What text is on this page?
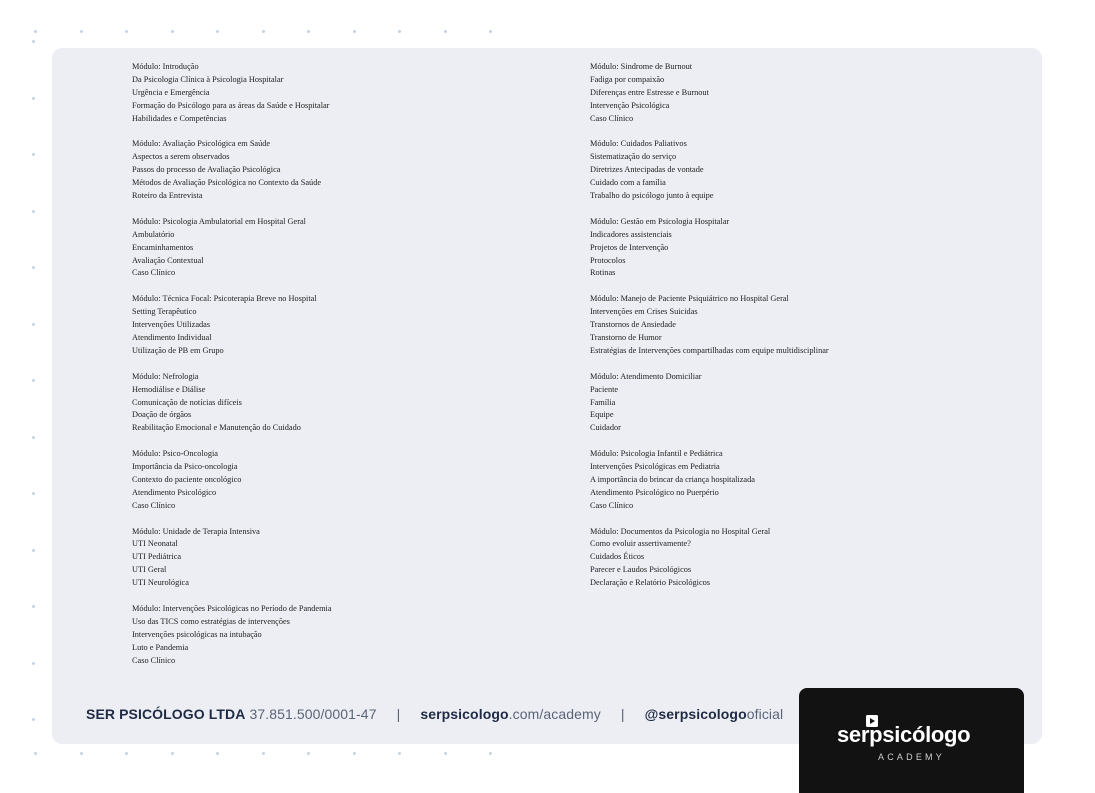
Módulo: Introdução
Da Psicologia Clínica à Psicologia Hospitalar
Urgência e Emergência
Formação do Psicólogo para as áreas da Saúde e Hospitalar
Habilidades e Competências
Módulo: Avaliação Psicológica em Saúde
Aspectos a serem observados
Passos do processo de Avaliação Psicológica
Métodos de Avaliação Psicológica no Contexto da Saúde
Roteiro da Entrevista
Módulo: Psicologia Ambulatorial em Hospital Geral
Ambulatório
Encaminhamentos
Avaliação Contextual
Caso Clínico
Módulo: Técnica Focal: Psicoterapia Breve no Hospital
Setting Terapêutico
Intervenções Utilizadas
Atendimento Individual
Utilização de PB em Grupo
Módulo: Nefrologia
Hemodiálise e Diálise
Comunicação de notícias difíceis
Doação de órgãos
Reabilitação Emocional e Manutenção do Cuidado
Módulo: Psico-Oncologia
Importância da Psico-oncologia
Contexto do paciente oncológico
Atendimento Psicológico
Caso Clínico
Módulo: Unidade de Terapia Intensiva
UTI Neonatal
UTI Pediátrica
UTI Geral
UTI Neurológica
Módulo: Intervenções Psicológicas no Período de Pandemia
Uso das TICS como estratégias de intervenções
Intervenções psicológicas na intubação
Luto e Pandemia
Caso Clínico
Módulo: Sindrome de Burnout
Fadiga por compaixão
Diferenças entre Estresse e Burnout
Intervenção Psicológica
Caso Clínico
Módulo: Cuidados Paliativos
Sistematização do serviço
Diretrizes Antecipadas de vontade
Cuidado com a família
Trabalho do psicólogo junto à equipe
Módulo: Gestão em Psicologia Hospitalar
Indicadores assistenciais
Projetos de Intervenção
Protocolos
Rotinas
Módulo: Manejo de Paciente Psiquiátrico no Hospital Geral
Intervenções em Crises Suicidas
Transtornos de Ansiedade
Transtorno de Humor
Estratégias de Intervenções compartilhadas com equipe multidisciplinar
Módulo: Atendimento Domiciliar
Paciente
Família
Equipe
Cuidador
Módulo: Psicologia Infantil e Pediátrica
Intervenções Psicológicas em Pediatria
A importância do brincar da criança hospitalizada
Atendimento Psicológico no Puerpério
Caso Clínico
Módulo: Documentos da Psicologia no Hospital Geral
Como evoluir assertivamente?
Cuidados Éticos
Parecer e Laudos Psicológicos
Declaração e Relatório Psicológicos
SER PSICÓLOGO LTDA 37.851.500/0001-47 | serpsicologo.com/academy | @serpsicologooficial
serpsicólogo
ACADEMY
